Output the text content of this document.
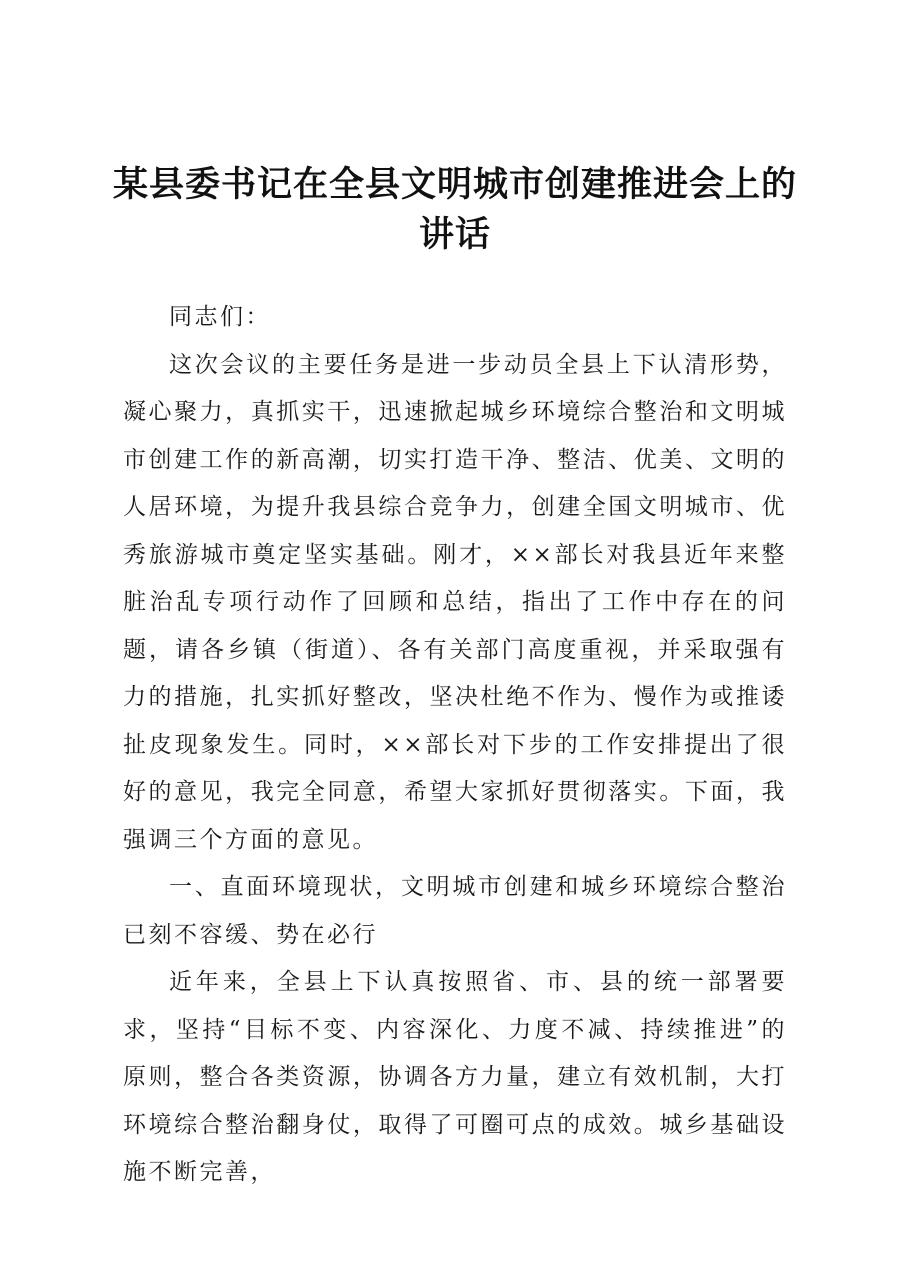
某县委书记在全县文明城市创建推进会上的讲话

同志们：

这次会议的主要任务是进一步动员全县上下认清形势，凝心聚力，真抓实干，迅速掀起城乡环境综合整治和文明城市创建工作的新高潮，切实打造干净、整洁、优美、文明的人居环境，为提升我县综合竞争力，创建全国文明城市、优秀旅游城市奠定坚实基础。刚才，××部长对我县近年来整脏治乱专项行动作了回顾和总结，指出了工作中存在的问题，请各乡镇（街道）、各有关部门高度重视，并采取强有力的措施，扎实抓好整改，坚决杜绝不作为、慢作为或推诿扯皮现象发生。同时，××部长对下步的工作安排提出了很好的意见，我完全同意，希望大家抓好贯彻落实。下面，我强调三个方面的意见。

一、直面环境现状，文明城市创建和城乡环境综合整治已刻不容缓、势在必行

近年来，全县上下认真按照省、市、县的统一部署要求，坚持“目标不变、内容深化、力度不减、持续推进”的原则，整合各类资源，协调各方力量，建立有效机制，大打环境综合整治翻身仗，取得了可圈可点的成效。城乡基础设施不断完善，
